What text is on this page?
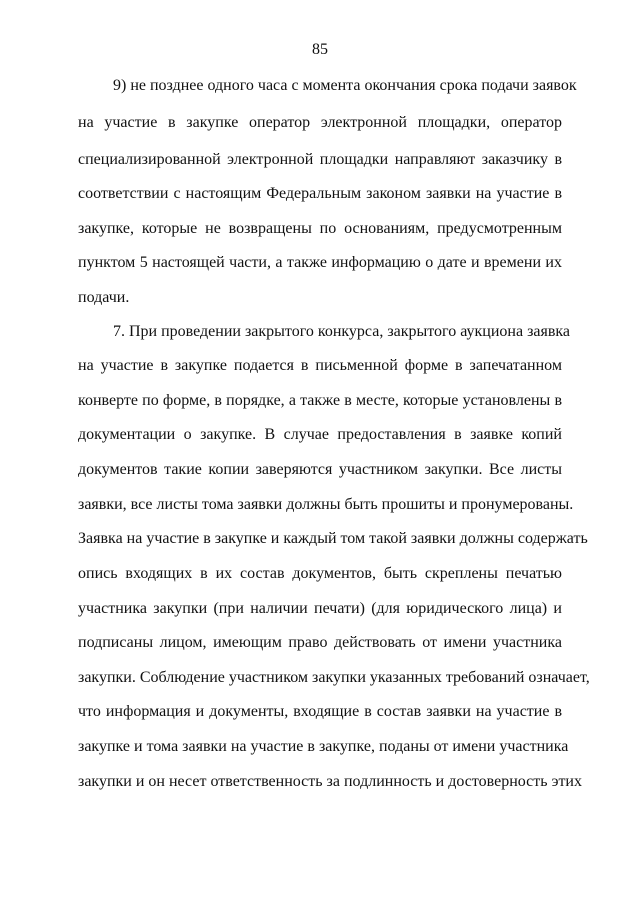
85
9) не позднее одного часа с момента окончания срока подачи заявок
на участие в закупке оператор электронной площадки, оператор
специализированной электронной площадки направляют заказчику в
соответствии с настоящим Федеральным законом заявки на участие в
закупке, которые не возвращены по основаниям, предусмотренным
пунктом 5 настоящей части, а также информацию о дате и времени их
подачи.
7. При проведении закрытого конкурса, закрытого аукциона заявка
на участие в закупке подается в письменной форме в запечатанном
конверте по форме, в порядке, а также в месте, которые установлены в
документации о закупке. В случае предоставления в заявке копий
документов такие копии заверяются участником закупки. Все листы
заявки, все листы тома заявки должны быть прошиты и пронумерованы.
Заявка на участие в закупке и каждый том такой заявки должны содержать
опись входящих в их состав документов, быть скреплены печатью
участника закупки (при наличии печати) (для юридического лица) и
подписаны лицом, имеющим право действовать от имени участника
закупки. Соблюдение участником закупки указанных требований означает,
что информация и документы, входящие в состав заявки на участие в
закупке и тома заявки на участие в закупке, поданы от имени участника
закупки и он несет ответственность за подлинность и достоверность этих
